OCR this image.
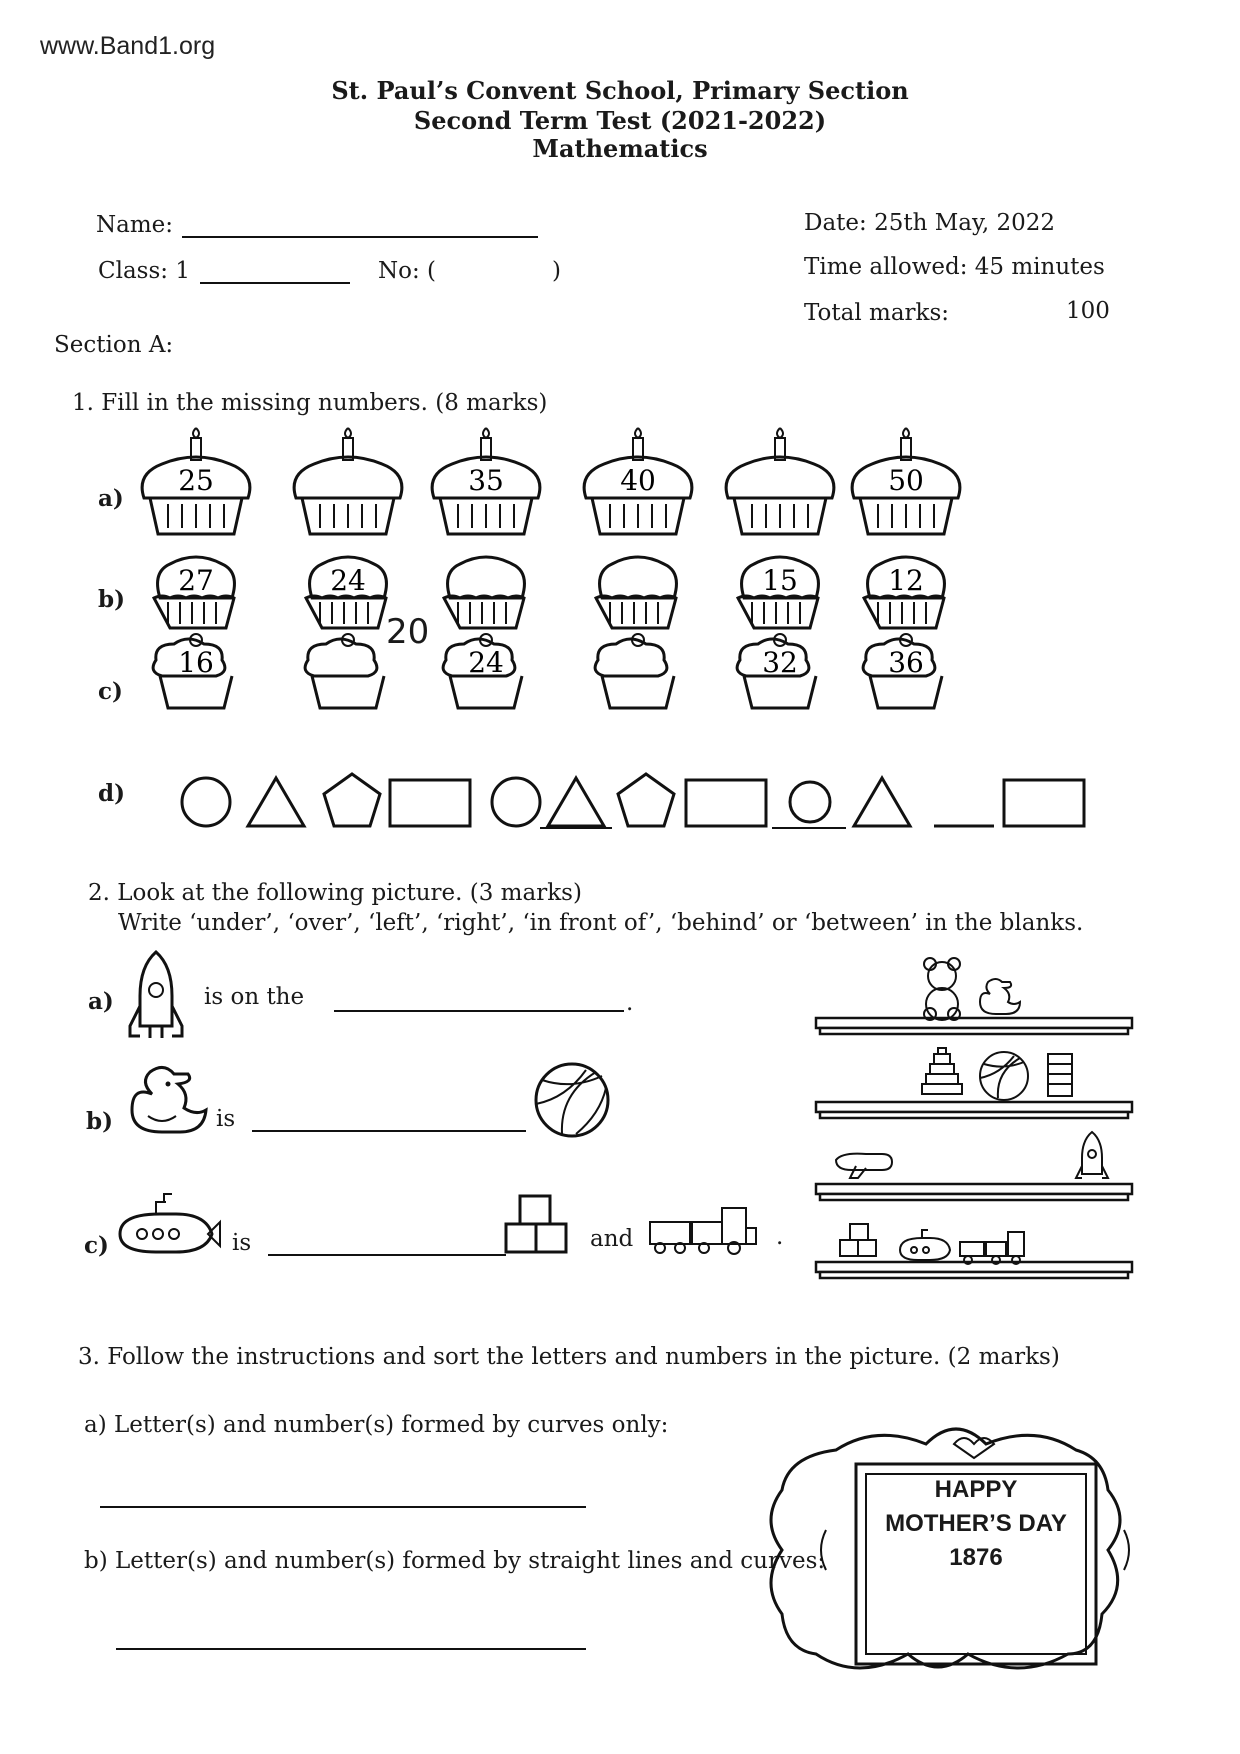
www.Band1.org
St. Paul’s Convent School, Primary Section
Second Term Test (2021-2022)
Mathematics
Name:
Class: 1	No: (	)
Date: 25th May, 2022
Time allowed: 45 minutes
Total marks:	100
Section A:
1. Fill in the missing numbers. (8 marks)
a)
b)
c)
d)
25	35	40	50
27	24	15	12
16	24	32	36
20
2. Look at the following picture. (3 marks)
Write ‘under’, ‘over’, ‘left’, ‘right’, ‘in front of’, ‘behind’ or ‘between’ in the blanks.
a)	is on the	.
b)	is
c)	is	and	.
3. Follow the instructions and sort the letters and numbers in the picture. (2 marks)
a) Letter(s) and number(s) formed by curves only:
b) Letter(s) and number(s) formed by straight lines and curves:
HAPPY
MOTHER’S DAY
1876
